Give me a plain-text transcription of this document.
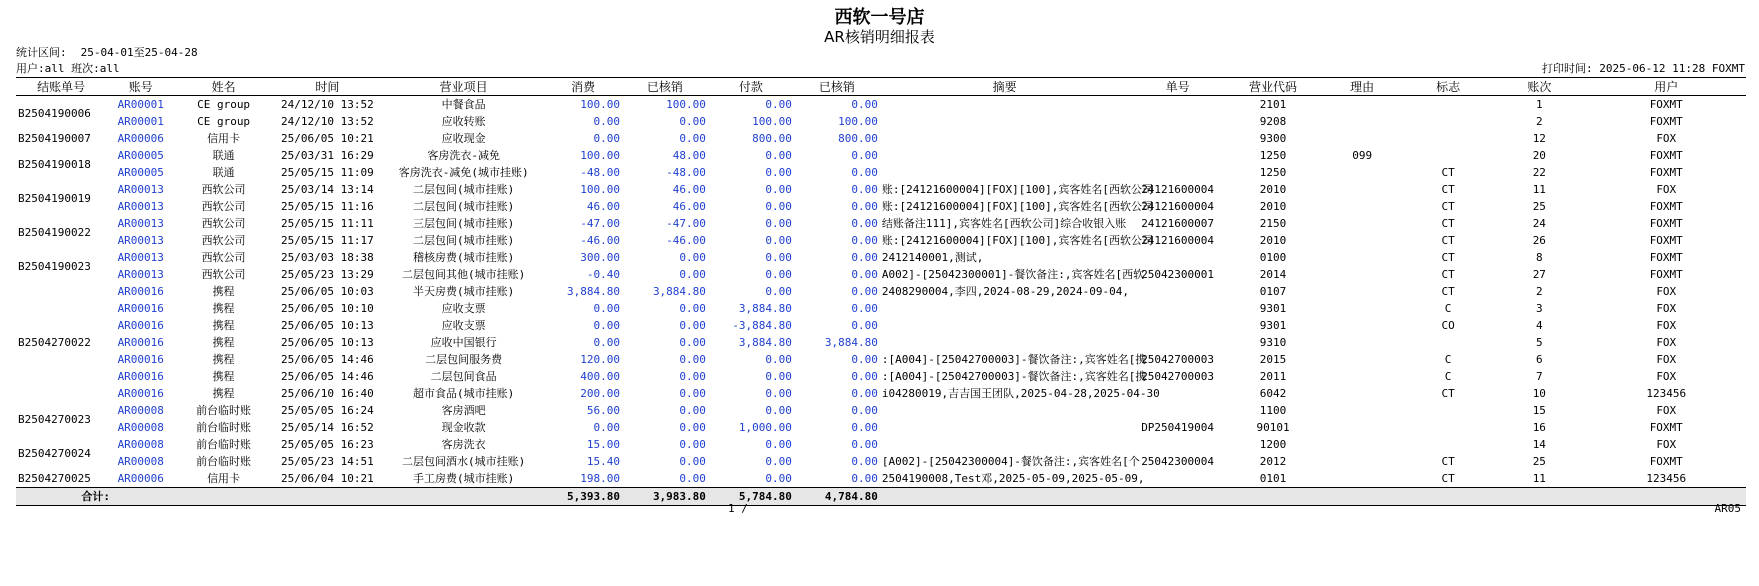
西软一号店
AR核销明细报表
统计区间: 25-04-01至25-04-28
用户:all 班次:all	打印时间: 2025-06-12 11:28 FOXMT
结账单号	账号	姓名	时间	营业项目	消费	已核销	付款	已核销	摘要	单号	营业代码	理由	标志	账次	用户
B2504190006	AR00001	CE group	24/12/10 13:52	中餐食品	100.00	100.00	0.00	0.00			2101			1	FOXMT
	AR00001	CE group	24/12/10 13:52	应收转账	0.00	0.00	100.00	100.00			9208			2	FOXMT
B2504190007	AR00006	信用卡	25/06/05 10:21	应收现金	0.00	0.00	800.00	800.00			9300			12	FOX
B2504190018	AR00005	联通	25/03/31 16:29	客房洗衣-减免	100.00	48.00	0.00	0.00			1250	099		20	FOXMT
	AR00005	联通	25/05/15 11:09	客房洗衣-减免(城市挂账)	-48.00	-48.00	0.00	0.00			1250		CT	22	FOXMT
B2504190019	AR00013	西软公司	25/03/14 13:14	二层包间(城市挂账)	100.00	46.00	0.00	0.00	账:[24121600004][FOX][100],宾客姓名[西软公司	24121600004	2010		CT	11	FOX
	AR00013	西软公司	25/05/15 11:16	二层包间(城市挂账)	46.00	46.00	0.00	0.00	账:[24121600004][FOX][100],宾客姓名[西软公司	24121600004	2010		CT	25	FOXMT
B2504190022	AR00013	西软公司	25/05/15 11:11	三层包间(城市挂账)	-47.00	-47.00	0.00	0.00	结账备注111],宾客姓名[西软公司]综合收银入账	24121600007	2150		CT	24	FOXMT
	AR00013	西软公司	25/05/15 11:17	二层包间(城市挂账)	-46.00	-46.00	0.00	0.00	账:[24121600004][FOX][100],宾客姓名[西软公司	24121600004	2010		CT	26	FOXMT
B2504190023	AR00013	西软公司	25/03/03 18:38	稽核房费(城市挂账)	300.00	0.00	0.00	0.00	2412140001,测试,		0100		CT	8	FOXMT
	AR00013	西软公司	25/05/23 13:29	二层包间其他(城市挂账)	-0.40	0.00	0.00	0.00	A002]-[25042300001]-餐饮备注:,宾客姓名[西软	25042300001	2014		CT	27	FOXMT
B2504270022	AR00016	携程	25/06/05 10:03	半天房费(城市挂账)	3,884.80	3,884.80	0.00	0.00	2408290004,李四,2024-08-29,2024-09-04,		0107		CT	2	FOX
	AR00016	携程	25/06/05 10:10	应收支票	0.00	0.00	3,884.80	0.00			9301		C	3	FOX
	AR00016	携程	25/06/05 10:13	应收支票	0.00	0.00	-3,884.80	0.00			9301		CO	4	FOX
	AR00016	携程	25/06/05 10:13	应收中国银行	0.00	0.00	3,884.80	3,884.80			9310			5	FOX
	AR00016	携程	25/06/05 14:46	二层包间服务费	120.00	0.00	0.00	0.00	:[A004]-[25042700003]-餐饮备注:,宾客姓名[携	25042700003	2015		C	6	FOX
	AR00016	携程	25/06/05 14:46	二层包间食品	400.00	0.00	0.00	0.00	:[A004]-[25042700003]-餐饮备注:,宾客姓名[携	25042700003	2011		C	7	FOX
	AR00016	携程	25/06/10 16:40	超市食品(城市挂账)	200.00	0.00	0.00	0.00	i04280019,吉吉国王团队,2025-04-28,2025-04-30		6042		CT	10	123456
B2504270023	AR00008	前台临时账	25/05/05 16:24	客房酒吧	56.00	0.00	0.00	0.00			1100			15	FOX
	AR00008	前台临时账	25/05/14 16:52	现金收款	0.00	0.00	1,000.00	0.00		DP250419004	90101			16	FOXMT
B2504270024	AR00008	前台临时账	25/05/05 16:23	客房洗衣	15.00	0.00	0.00	0.00			1200			14	FOX
	AR00008	前台临时账	25/05/23 14:51	二层包间酒水(城市挂账)	15.40	0.00	0.00	0.00	[A002]-[25042300004]-餐饮备注:,宾客姓名[个	25042300004	2012		CT	25	FOXMT
B2504270025	AR00006	信用卡	25/06/04 10:21	手工房费(城市挂账)	198.00	0.00	0.00	0.00	2504190008,Test邓,2025-05-09,2025-05-09,		0101		CT	11	123456
合计:					5,393.80	3,983.80	5,784.80	4,784.80							
1 /	AR05
